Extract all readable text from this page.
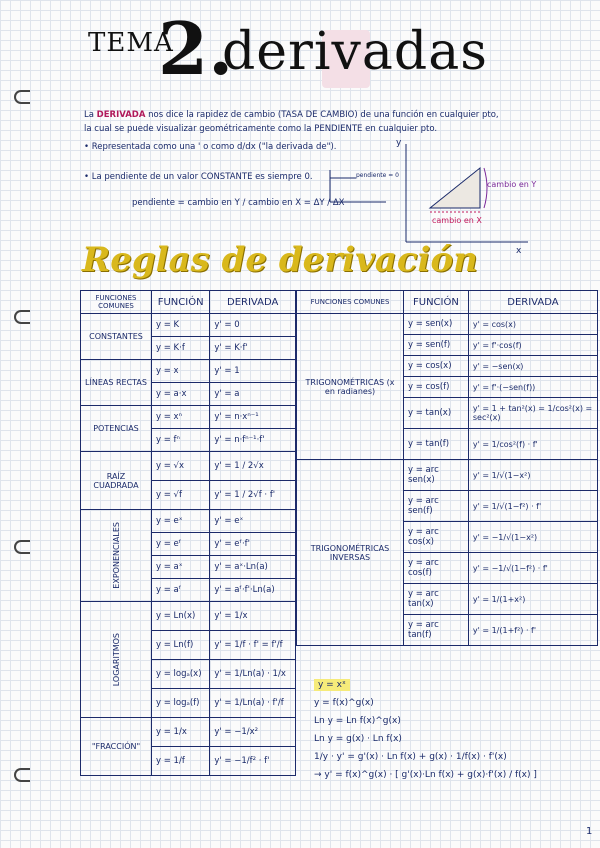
TEMA
2.
derivadas
La DERIVADA nos dice la rapidez de cambio (TASA DE CAMBIO) de una función en cualquier pto,
la cual se puede visualizar geométricamente como la PENDIENTE en cualquier pto.
• Representada como una ' o como d/dx ("la derivada de").
• La pendiente de un valor CONSTANTE es siempre 0.
pendiente = cambio en Y / cambio en X = ΔY / ΔX
pendiente = 0
cambio en Y
cambio en X
y
x
Reglas de derivación
FUNCIONES COMUNES	FUNCIÓN	DERIVADA

CONSTANTES	y = K	y' = 0
	y = K·f	y' = K·f'

LÍNEAS RECTAS	y = x	y' = 1
	y = a·x	y' = a

POTENCIAS	y = xⁿ	y' = n·xⁿ⁻¹
	y = fⁿ	y' = n·fⁿ⁻¹·f'

RAÍZ CUADRADA	y = √x	y' = 1 / 2√x
	y = √f	y' = 1 / 2√f · f'

EXPONENCIALES	y = eˣ	y' = eˣ
	y = eᶠ	y' = eᶠ·f'
	y = aˣ	y' = aˣ·Ln(a)
	y = aᶠ	y' = aᶠ·f'·Ln(a)

LOGARITMOS	y = Ln(x)	y' = 1/x
	y = Ln(f)	y' = 1/f · f' = f'/f
	y = logₐ(x)	y' = 1/Ln(a) · 1/x
	y = logₐ(f)	y' = 1/Ln(a) · f'/f

"FRACCIÓN"	y = 1/x	y' = −1/x²
	y = 1/f	y' = −1/f² · f'
FUNCIONES COMUNES	FUNCIÓN	DERIVADA
TRIGONOMÉTRICAS (x en radianes)	y = sen(x)	y' = cos(x)
	y = sen(f)	y' = f'·cos(f)
	y = cos(x)	y' = −sen(x)
	y = cos(f)	y' = f'·(−sen(f))
	y = tan(x)	y' = 1 + tan²(x) = 1/cos²(x) = sec²(x)
	y = tan(f)	y' = 1/cos²(f) · f'
TRIGONOMÉTRICAS INVERSAS	y = arc sen(x)	y' = 1/√(1−x²)
	y = arc sen(f)	y' = 1/√(1−f²) · f'
	y = arc cos(x)	y' = −1/√(1−x²)
	y = arc cos(f)	y' = −1/√(1−f²) · f'
	y = arc tan(x)	y' = 1/(1+x²)
	y = arc tan(f)	y' = 1/(1+f²) · f'
y = xˣ
y = f(x)^g(x)
Ln y = Ln f(x)^g(x)
Ln y = g(x) · Ln f(x)
1/y · y' = g'(x) · Ln f(x) + g(x) · 1/f(x) · f'(x)
→ y' = f(x)^g(x) · [ g'(x)·Ln f(x) + g(x)·f'(x) / f(x) ]
1
